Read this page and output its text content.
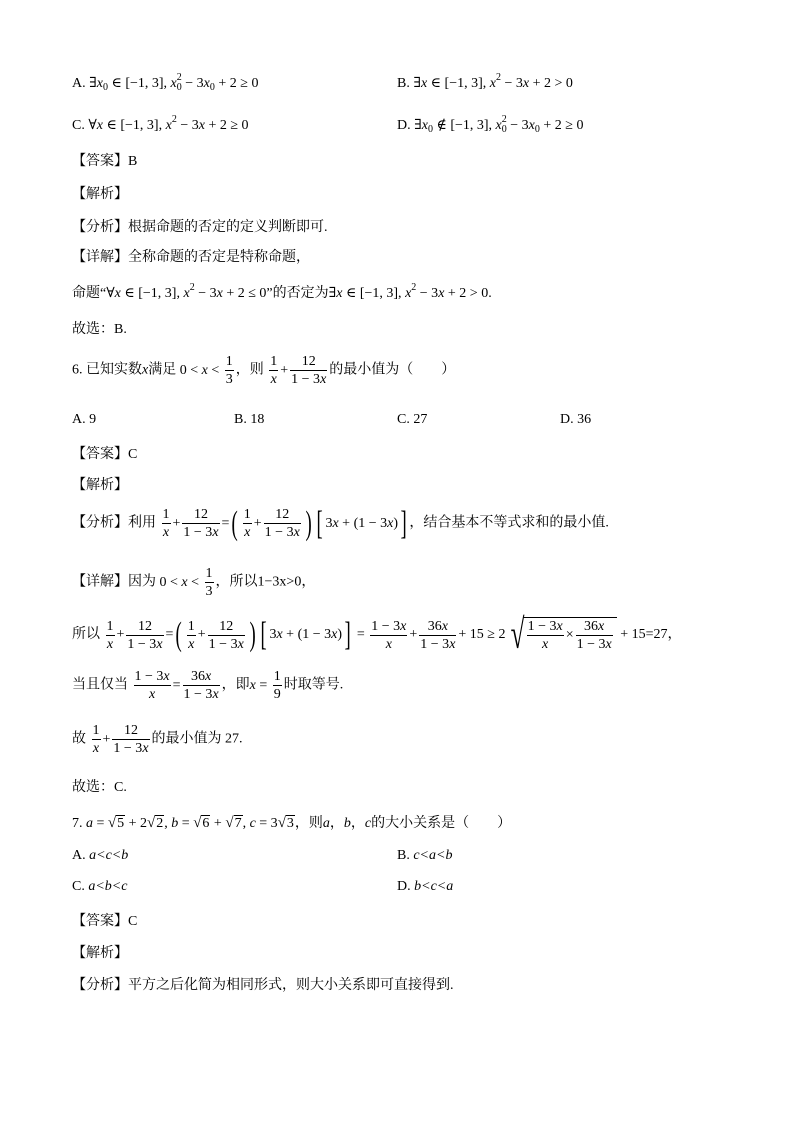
A. $\exists x_0$ ∈ [−1, 3], $x^2_0 - 3x_0 + 2 \ge 0$	B. ∃x ∈ [−1, 3], $x^2 - 3x + 2 > 0$
C. ∀x ∈ [−1, 3], $x^2 - 3x + 2 \ge 0$	D. $\exists x_0$ ∉ [−1, 3], $x^2_0 - 3x_0 + 2 \ge 0$
【答案】B
【解析】
【分析】根据命题的否定的定义判断即可.
【详解】全称命题的否定是特称命题，
命题“∀x ∈ [−1, 3], $x^2 - 3x + 2 \le 0$”的否定为∃x ∈ [−1, 3], $x^2 - 3x + 2 > 0$.
故选：B.
6. 已知实数x满足 $0 < x < \frac{1}{3}$ ，则 $\frac{1}{x} + \frac{12}{1 - 3x}$ 的最小值为（　　）
A. 9	B. 18	C. 27	D. 36
【答案】C
【解析】
【分析】利用 $\frac{1}{x} + \frac{12}{1 - 3x}$ =( $\frac{1}{x} + \frac{12}{1 - 3x}$ ) [ 3x + (1 − 3x)] ，结合基本不等式求和的最小值.
【详解】因为 $0 < x < \frac{1}{3}$ ，所以1−3x>0，
所以 $\frac{1}{x} + \frac{12}{1 - 3x}$ =( $\frac{1}{x} + \frac{12}{1 - 3x}$ ) [ $3x + (1 - 3x)] = \frac{1 - 3x}{x} + \frac{36x}{1 - 3x} + 15 \ge 2$ √ $\frac{1 - 3x}{x} \times \frac{36x}{1 - 3x} + 15=27$，
当且仅当 $\frac{1 - 3x}{x} = \frac{36x}{1 - 3x}$ ，即$x = \frac{1}{9}$ 时取等号.
故 $\frac{1}{x} + \frac{12}{1 - 3x}$ 的最小值为 27.
故选：C.
7. a = √5 + 2√2, b = √6 + √7, c = 3√3，则a，b，c的大小关系是（　　）
A. a<c<b	B. c<a<b
C. a<b<c	D. b<c<a
【答案】C
【解析】
【分析】平方之后化简为相同形式，则大小关系即可直接得到.
